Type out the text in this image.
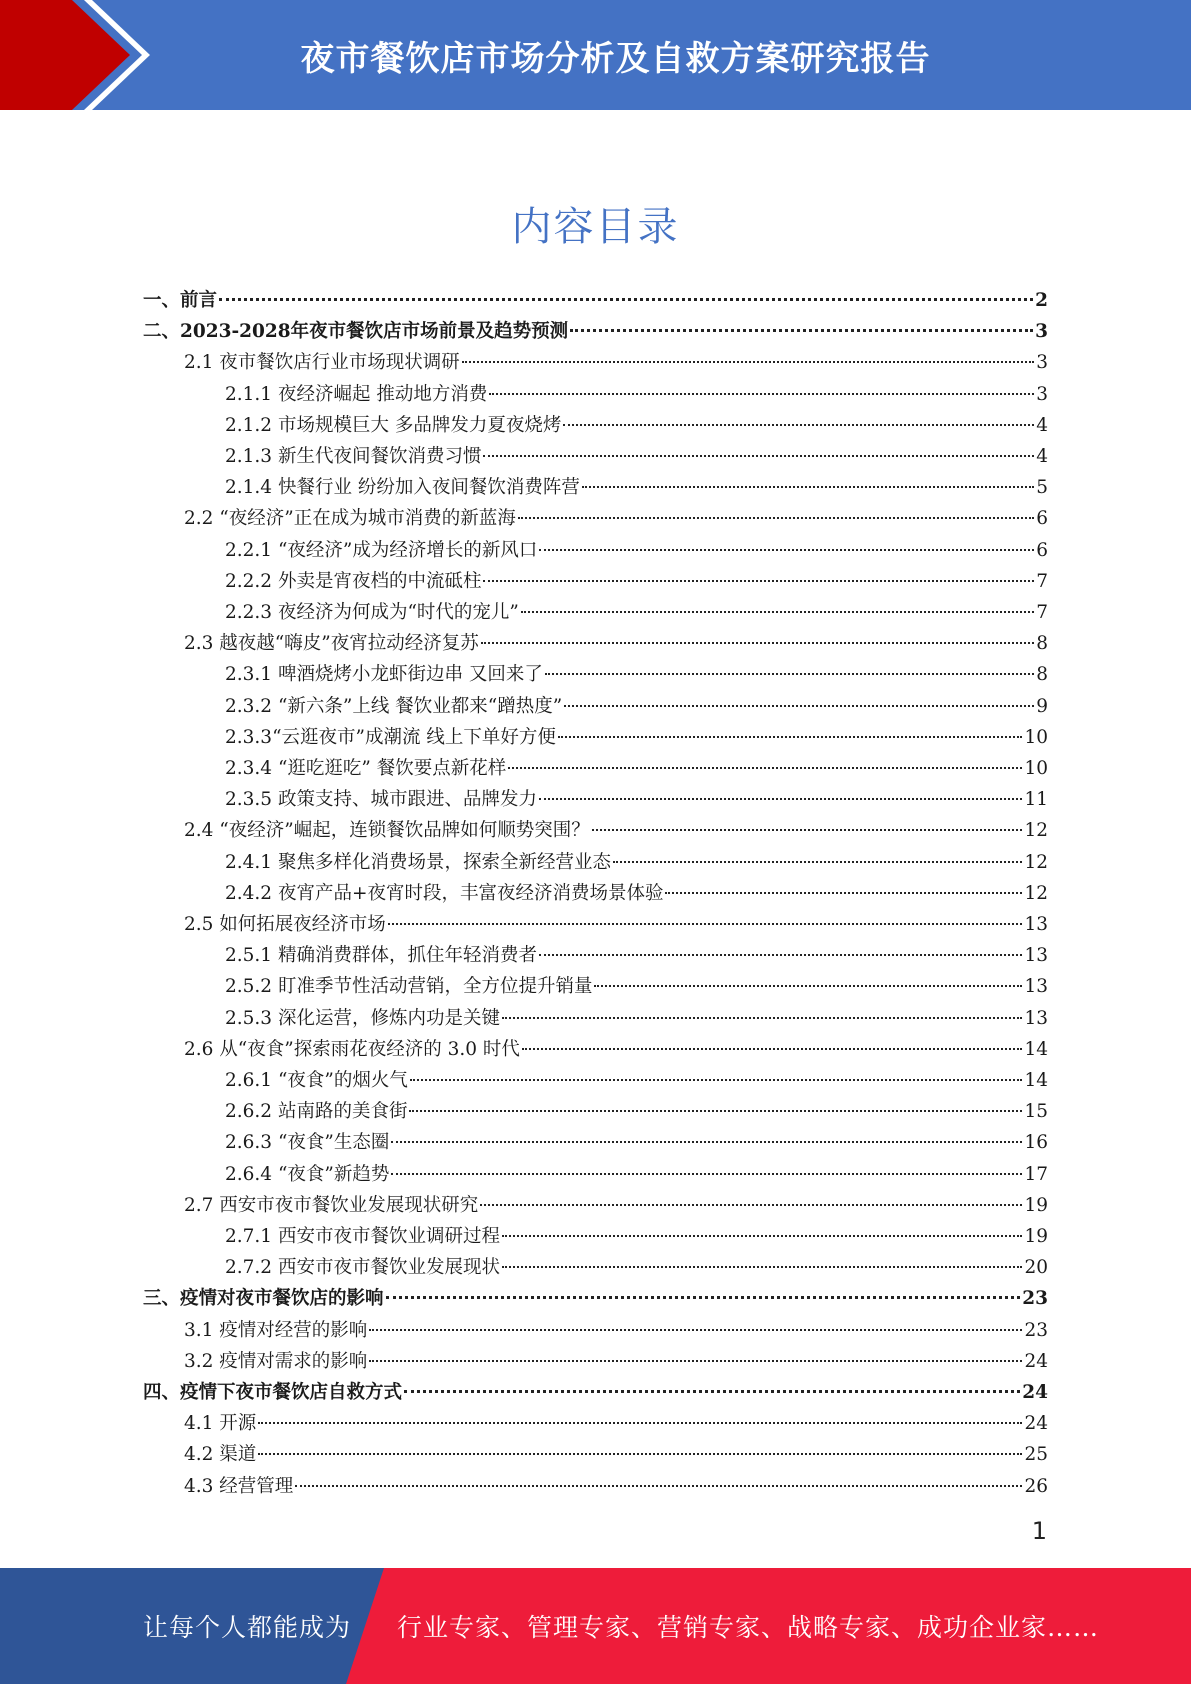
夜市餐饮店市场分析及自救方案研究报告
内容目录
一、前言	2
二、2023-2028年夜市餐饮店市场前景及趋势预测	3
2.1 夜市餐饮店行业市场现状调研	3
2.1.1 夜经济崛起 推动地方消费	3
2.1.2 市场规模巨大 多品牌发力夏夜烧烤	4
2.1.3 新生代夜间餐饮消费习惯	4
2.1.4 快餐行业 纷纷加入夜间餐饮消费阵营	5
2.2 “夜经济”正在成为城市消费的新蓝海	6
2.2.1 “夜经济”成为经济增长的新风口	6
2.2.2 外卖是宵夜档的中流砥柱	7
2.2.3 夜经济为何成为“时代的宠儿”	7
2.3 越夜越“嗨皮”夜宵拉动经济复苏	8
2.3.1 啤酒烧烤小龙虾街边串 又回来了	8
2.3.2 “新六条”上线 餐饮业都来“蹭热度”	9
2.3.3“云逛夜市”成潮流 线上下单好方便	10
2.3.4 “逛吃逛吃” 餐饮要点新花样	10
2.3.5 政策支持、城市跟进、品牌发力	11
2.4 “夜经济”崛起，连锁餐饮品牌如何顺势突围？	12
2.4.1 聚焦多样化消费场景，探索全新经营业态	12
2.4.2 夜宵产品+夜宵时段，丰富夜经济消费场景体验	12
2.5 如何拓展夜经济市场	13
2.5.1 精确消费群体，抓住年轻消费者	13
2.5.2 盯准季节性活动营销，全方位提升销量	13
2.5.3 深化运营，修炼内功是关键	13
2.6 从“夜食”探索雨花夜经济的 3.0 时代	14
2.6.1 “夜食”的烟火气	14
2.6.2 站南路的美食街	15
2.6.3 “夜食”生态圈	16
2.6.4 “夜食”新趋势	17
2.7 西安市夜市餐饮业发展现状研究	19
2.7.1 西安市夜市餐饮业调研过程	19
2.7.2 西安市夜市餐饮业发展现状	20
三、疫情对夜市餐饮店的影响	23
3.1 疫情对经营的影响	23
3.2 疫情对需求的影响	24
四、疫情下夜市餐饮店自救方式	24
4.1 开源	24
4.2 渠道	25
4.3 经营管理	26
1
让每个人都能成为 行业专家、管理专家、营销专家、战略专家、成功企业家……
